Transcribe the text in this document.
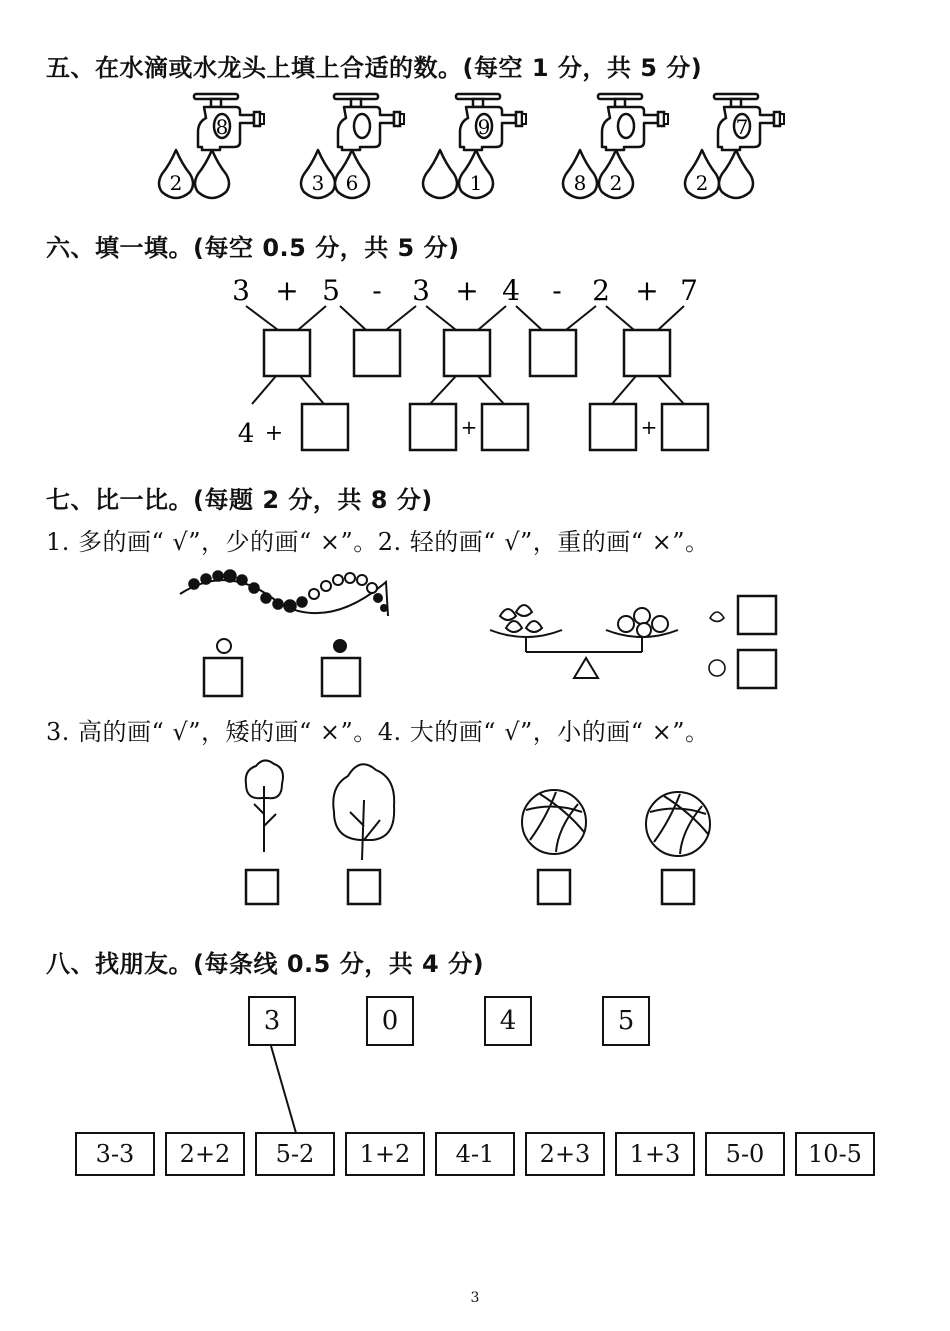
五、在水滴或水龙头上填上合适的数。(每空 1 分，共 5 分)
8
2	3 6
9
1	8 2
7
2
六、填一填。(每空 0.5 分，共 5 分)
3 + 5 - 3 + 4 - 2 + 7
4 +	+	+
七、比一比。(每题 2 分，共 8 分)
1. 多的画“ √”，少的画“ ×”。2. 轻的画“ √”，重的画“ ×”。
3. 高的画“ √”，矮的画“ ×”。4. 大的画“ √”，小的画“ ×”。
八、找朋友。(每条线 0.5 分，共 4 分)
3	0	4	5
3-3	2+2	5-2	1+2	4-1	2+3	1+3	5-0	10-5
3
